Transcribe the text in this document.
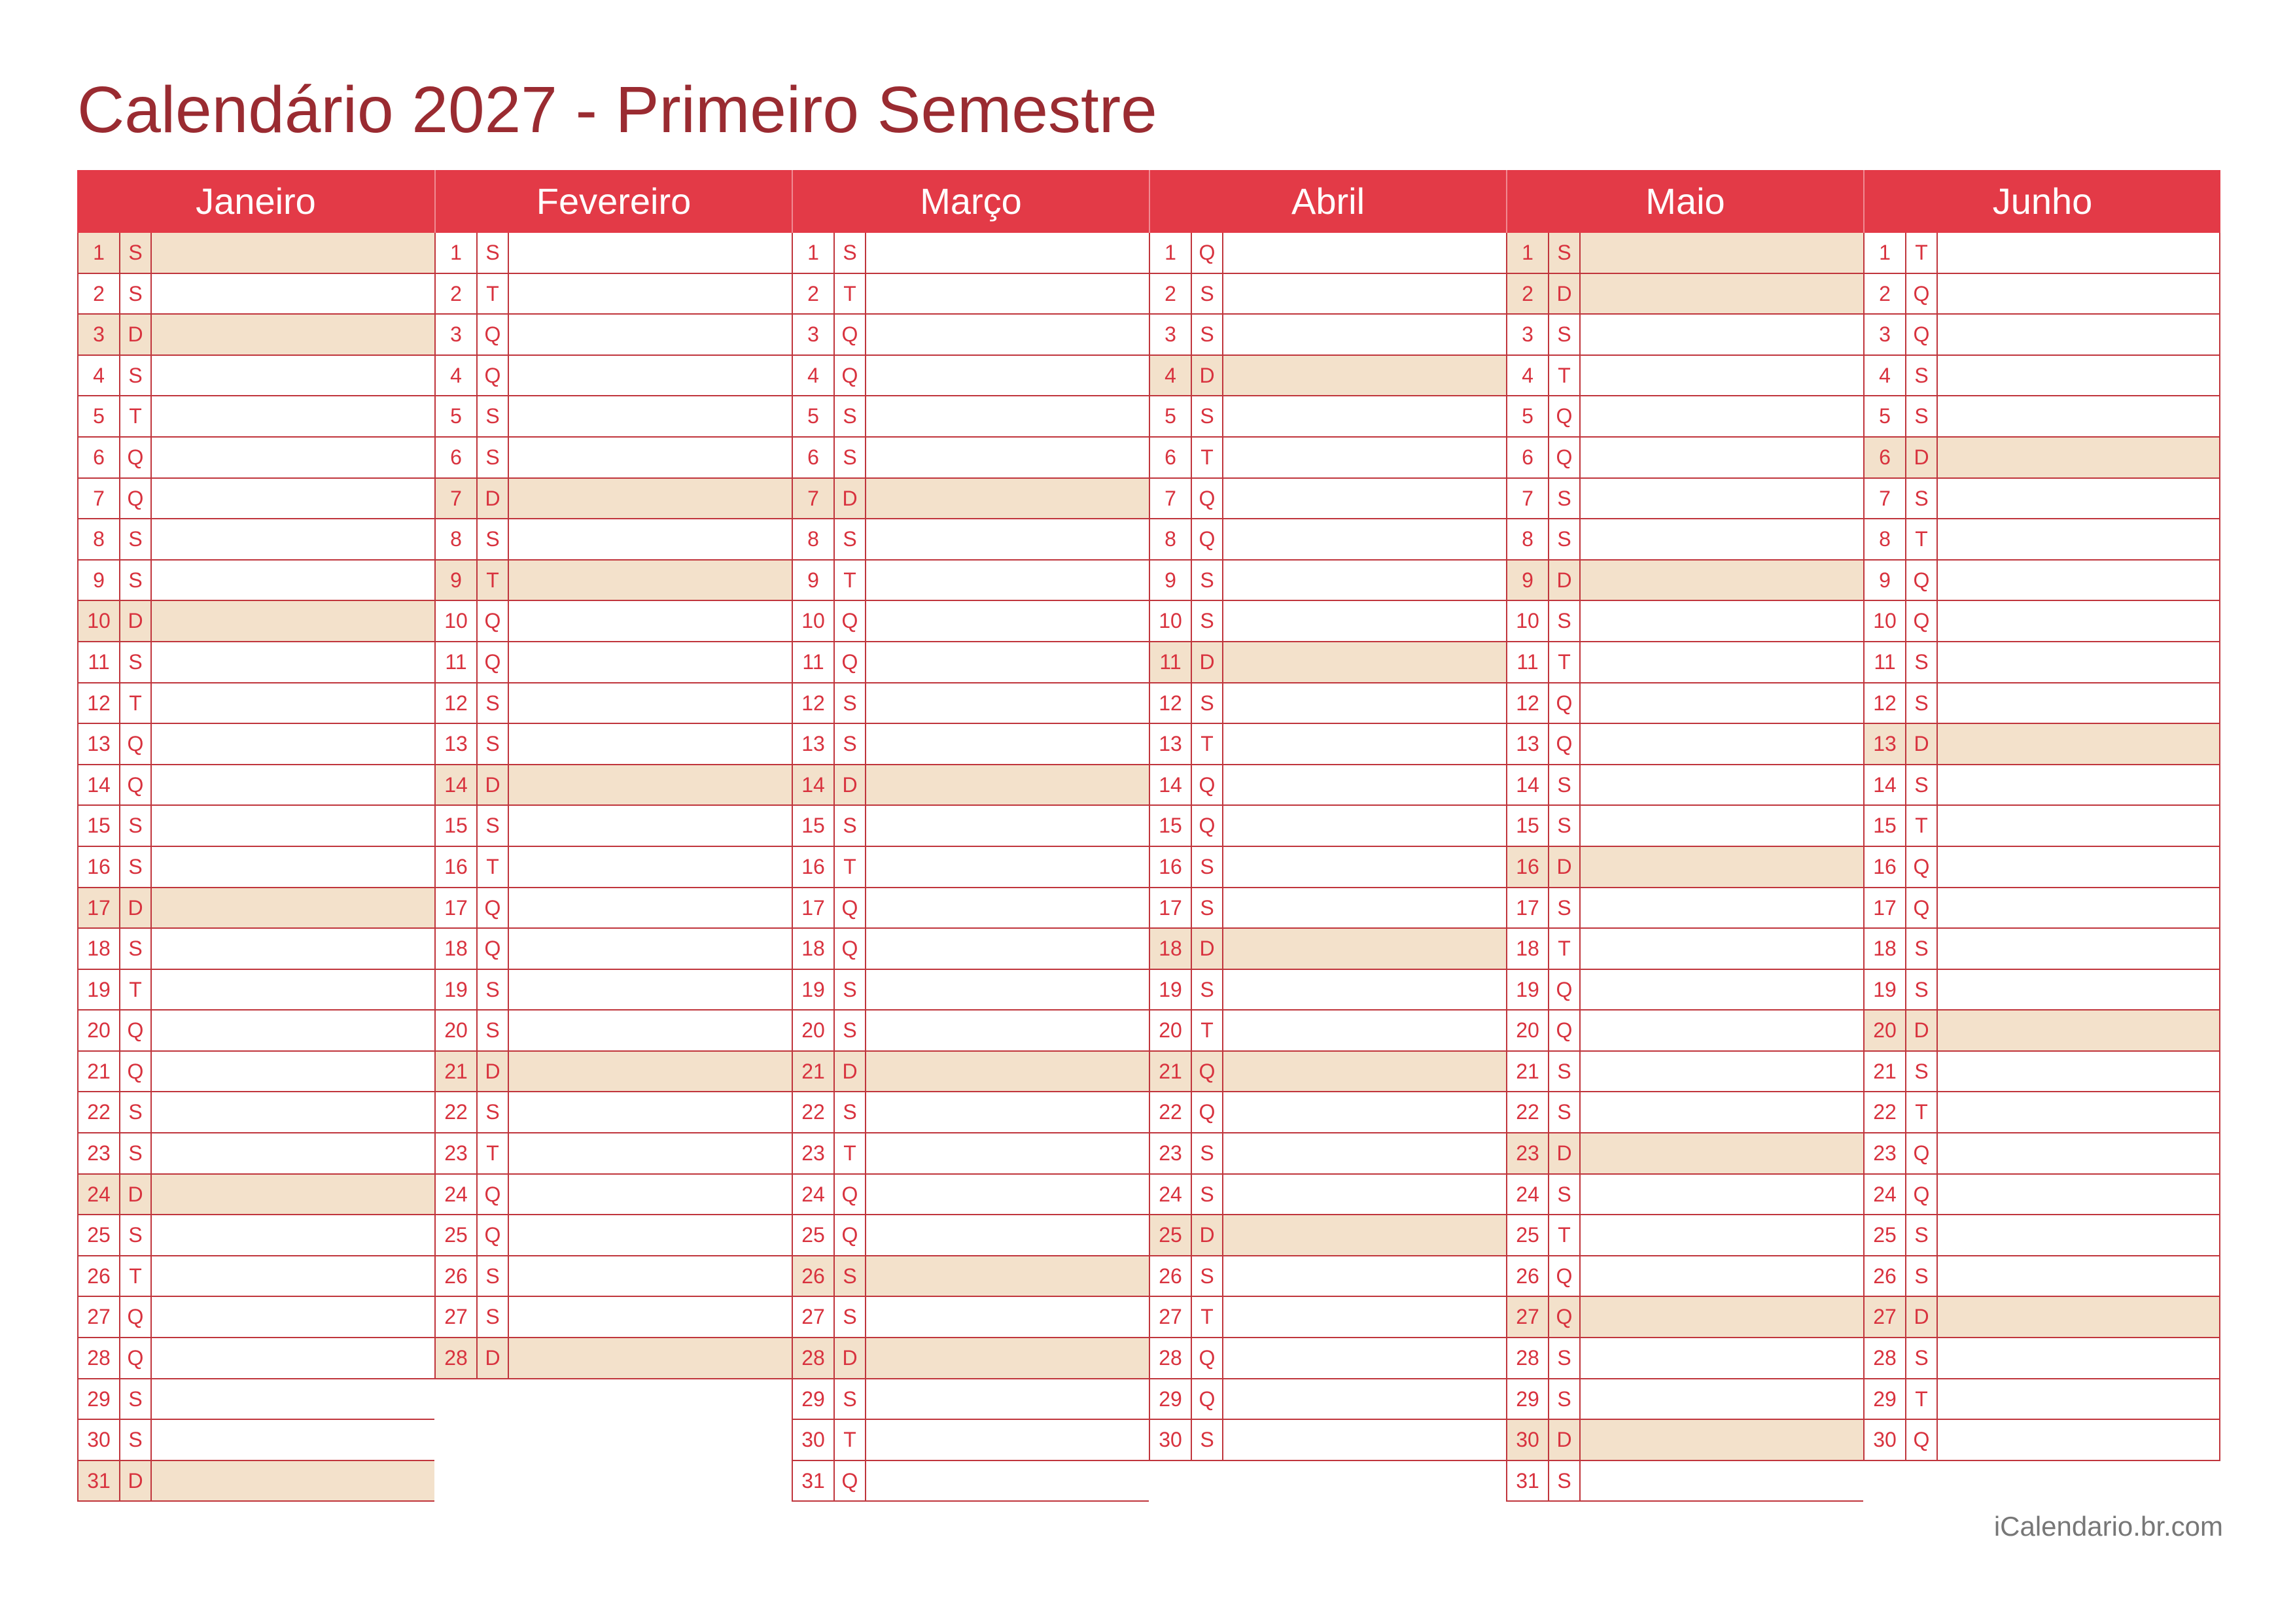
Calendário 2027 - Primeiro Semestre
Janeiro
1	S
2	S
3	D
4	S
5	T
6	Q
7	Q
8	S
9	S
10 D
11 S
12 T
13 Q
14 Q
15 S
16 S
17 D
18 S
19 T
20 Q
21 Q
22 S
23 S
24 D
25 S
26 T
27 Q
28 Q
29 S
30 S
31 D
Fevereiro
1	S
2	T
3	Q
4	Q
5	S
6	S
7	D
8	S
9	T
10 Q
11 Q
12 S
13 S
14 D
15 S
16 T
17 Q
18 Q
19 S
20 S
21 D
22 S
23 T
24 Q
25 Q
26 S
27 S
28 D
Março
1	S
2	T
3	Q
4	Q
5	S
6	S
7	D
8	S
9	T
10 Q
11 Q
12 S
13 S
14 D
15 S
16 T
17 Q
18 Q
19 S
20 S
21 D
22 S
23 T
24 Q
25 Q
26 S
27 S
28 D
29 S
30 T
31 Q
Abril
1	Q
2	S
3	S
4	D
5	S
6	T
7	Q
8	Q
9	S
10 S
11 D
12 S
13 T
14 Q
15 Q
16 S
17 S
18 D
19 S
20 T
21 Q
22 Q
23 S
24 S
25 D
26 S
27 T
28 Q
29 Q
30 S
Maio
1	S
2	D
3	S
4	T
5	Q
6	Q
7	S
8	S
9	D
10 S
11 T
12 Q
13 Q
14 S
15 S
16 D
17 S
18 T
19 Q
20 Q
21 S
22 S
23 D
24 S
25 T
26 Q
27 Q
28 S
29 S
30 D
31 S
Junho
1	T
2	Q
3	Q
4	S
5	S
6	D
7	S
8	T
9	Q
10 Q
11 S
12 S
13 D
14 S
15 T
16 Q
17 Q
18 S
19 S
20 D
21 S
22 T
23 Q
24 Q
25 S
26 S
27 D
28 S
29 T
30 Q
iCalendario.br.com
